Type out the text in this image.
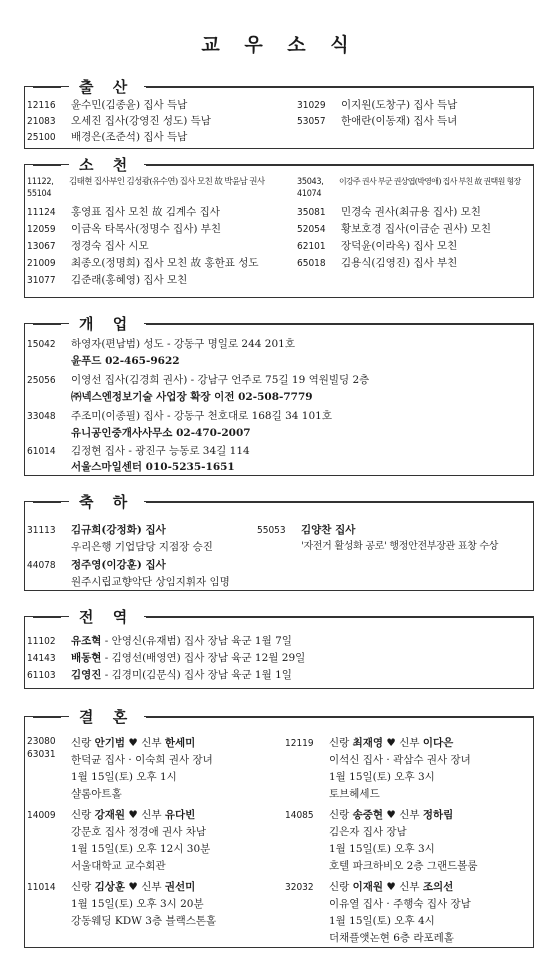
교 우 소 식
출 산
12116 윤수민(김종윤) 집사 득남	31029 이지원(도창구) 집사 득남
21083 오세진 집사(강영진 성도) 득남	53057 한애란(이동재) 집사 득녀
25100 배경은(조준석) 집사 득남
소 천
11122, 55104김태현 집사부인 김성광(유수연) 집사 모친 故 박윤남 권사	35043, 41074이강주 권사 부군 권상엽(박영애) 집사 부친 故 권택원 형장
11124 홍영표 집사 모친 故 김계수 집사	35081 민경숙 권사(최규용 집사) 모친
12059 이금옥 타목사(정명수 집사) 부친	52054 황보호경 집사(이금순 권사) 모친
13067 정경숙 집사 시모	62101 장덕윤(이라옥) 집사 모친
21009 최종오(정명희) 집사 모친 故 홍한표 성도	65018 김용식(김영진) 집사 부친
31077 김준래(홍혜영) 집사 모친
개 업
15042 하영자(편남범) 성도 - 강동구 명일로 244 201호
윤푸드 02-465-9622
25056 이영선 집사(김경희 권사) - 강남구 언주로 75길 19 역원빌딩 2층
㈜넥스엔정보기술 사업장 확장 이전 02-508-7779
33048 주조미(이종필) 집사 - 강동구 천호대로 168길 34 101호
유니공인중개사사무소 02-470-2007
61014 김정현 집사 - 광진구 능동로 34길 114
서울스마일센터 010-5235-1651
축 하
31113 김규희(강정화) 집사
우리은행 기업담당 지점장 승진
55053 김양찬 집사
'자전거 활성화 공로' 행정안전부장관 표창 수상
44078 정주영(이강훈) 집사
원주시립교향악단 상임지휘자 임명
전 역
11102 유조혁 - 안영신(유재범) 집사 장남 육군 1월 7일
14143 배동현 - 김영선(배영연) 집사 장남 육군 12월 29일
61103 김영진 - 김경미(김문식) 집사 장남 육군 1월 1일
결 혼
23080
63031
신랑 안기범 ♥ 신부 한세미
한덕균 집사 · 이숙희 권사 장녀
1월 15일(토) 오후 1시
샬롬아트홀
12119	신랑 최재영 ♥ 신부 이다은
이석신 집사 · 곽삼수 권사 장녀
1월 15일(토) 오후 3시
토브헤세드
14009	신랑 강재원 ♥ 신부 유다빈
강문호 집사 정경애 권사 차남
1월 15일(토) 오후 12시 30분
서울대학교 교수회관
14085	신랑 송중현 ♥ 신부 정하림
김은자 집사 장남
1월 15일(토) 오후 3시
호텔 파크하비오 2층 그랜드볼룸
11014	신랑 김상훈 ♥ 신부 권선미
1월 15일(토) 오후 3시 20분
강동웨딩 KDW 3층 블랙스톤홀
32032	신랑 이재원 ♥ 신부 조의선
이유열 집사 · 주행숙 집사 장남
1월 15일(토) 오후 4시
더채플앳논현 6층 라포레홀
